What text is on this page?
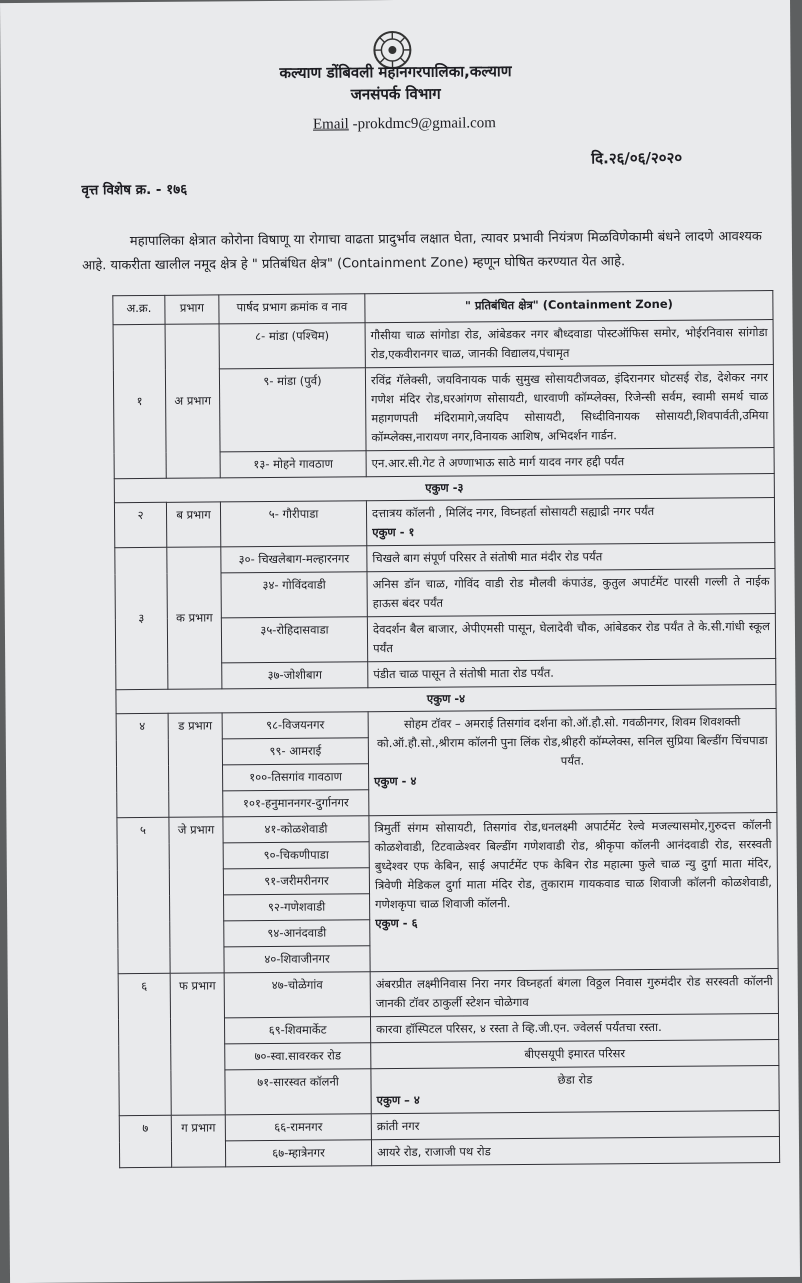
कल्याण डोंबिवली महानगरपालिका,कल्याण
जनसंपर्क विभाग
Email -prokdmc9@gmail.com
दि.२६/०६/२०२०
वृत्त विशेष क्र. - १७६

महापालिका क्षेत्रात कोरोना विषाणू या रोगाचा वाढता प्रादुर्भाव लक्षात घेता, त्यावर प्रभावी नियंत्रण मिळविणेकामी बंधने लादणे आवश्यक आहे. याकरीता खालील नमूद क्षेत्र हे " प्रतिबंधित क्षेत्र" (Containment Zone) म्हणून घोषित करण्यात येत आहे.

अ.क्र.	प्रभाग	पार्षद प्रभाग क्रमांक व नाव	" प्रतिबंधित क्षेत्र" (Containment Zone)
१	अ प्रभाग	८- मांडा (पश्चिम)	गौसीया चाळ सांगोडा रोड, आंबेडकर नगर बौध्दवाडा पोस्टऑफिस समोर, भोईरनिवास सांगोडा रोड,एकवीरानगर चाळ, जानकी विद्यालय,पंचामृत
		९- मांडा (पुर्व)	रविंद्र गॅलेक्सी, जयविनायक पार्क सुमुख सोसायटीजवळ, इंदिरानगर घोटसई रोड, देशेकर नगर गणेश मंदिर रोड,घरआंगण सोसायटी, धारवाणी कॉम्प्लेक्स, रिजेन्सी सर्वम, स्वामी समर्थ चाळ महागणपती मंदिरामागे,जयदिप सोसायटी, सिध्दीविनायक सोसायटी,शिवपार्वती,उमिया कॉम्प्लेक्स,नारायण नगर,विनायक आशिष, अभिदर्शन गार्डन.
		१३- मोहने गावठाण	एन.आर.सी.गेट ते अण्णाभाऊ साठे मार्ग यादव नगर हद्दी पर्यंत
एकुण -३			
२	ब प्रभाग	५- गौरीपाडा	दत्तात्रय कॉलनी , मिलिंद नगर, विघ्नहर्ता सोसायटी सह्याद्री नगर पर्यंत
एकुण - १

३	क प्रभाग	३०- चिखलेबाग-मल्हारनगर	चिखले बाग संपूर्ण परिसर ते संतोषी मात मंदीर रोड पर्यंत
		३४- गोविंदवाडी	अनिस डॉन चाळ, गोविंद वाडी रोड मौलवी कंपाउंड, कुतुल अपार्टमेंट पारसी गल्ली ते नाईक हाऊस बंदर पर्यंत
		३५-रोहिदासवाडा	देवदर्शन बैल बाजार, अेपीएमसी पासून, घेलादेवी चौक, आंबेडकर रोड पर्यंत ते के.सी.गांधी स्कूल पर्यंत
		३७-जोशीबाग	पंडीत चाळ पासून ते संतोषी माता रोड पर्यंत.
एकुण -४			
४	ड प्रभाग	९८-विजयनगर	सोहम टॉवर – अमराई तिसगांव दर्शना को.ऑ.हौ.सो. गवळीनगर, शिवम शिवशक्ती को.ऑ.हौ.सो.,श्रीराम कॉलनी पुना लिंक रोड,श्रीहरी कॉम्प्लेक्स, सनिल सुप्रिया बिल्डींग चिंचपाडा पर्यंत.
एकुण - ४

		९९- आमराई	
		१००-तिसगांव गावठाण	
		१०१-हनुमाननगर-दुर्गानगर	
५	जे प्रभाग	४१-कोळशेवाडी	त्रिमुर्ती संगम सोसायटी, तिसगांव रोड,धनलक्ष्मी अपार्टमेंट रेल्वे मजल्यासमोर,गुरुदत्त कॉलनी कोळशेवाडी, टिटवाळेश्वर बिल्डींग गणेशवाडी रोड, श्रीकृपा कॉलनी आनंदवाडी रोड, सरस्वती बुध्देश्वर एफ केबिन, साई अपार्टमेंट एफ केबिन रोड महात्मा फुले चाळ न्यु दुर्गा माता मंदिर, त्रिवेणी मेडिकल दुर्गा माता मंदिर रोड, तुकाराम गायकवाड चाळ शिवाजी कॉलनी कोळशेवाडी, गणेशकृपा चाळ शिवाजी कॉलनी.
एकुण - ६

		९०-चिकणीपाडा	
		९१-जरीमरीनगर	
		९२-गणेशवाडी	
		९४-आनंदवाडी	
		४०-शिवाजीनगर	
६	फ प्रभाग	४७-चोळेगांव	अंबरप्रीत लक्ष्मीनिवास निरा नगर विघ्नहर्ता बंगला विठ्ठल निवास गुरुमंदीर रोड सरस्वती कॉलनी जानकी टॉवर ठाकुर्ली स्टेशन चोळेगाव
		६९-शिवमार्केट	कारवा हॉस्पिटल परिसर, ४ रस्ता ते व्हि.जी.एन. ज्वेलर्स पर्यंतचा रस्ता.
		७०-स्वा.सावरकर रोड	बीएसयूपी इमारत परिसर
		७१-सारस्वत कॉलनी	छेडा रोड
एकुण – ४

७	ग प्रभाग	६६-रामनगर	क्रांती नगर
		६७-म्हात्रेनगर	आयरे रोड, राजाजी पथ रोड
